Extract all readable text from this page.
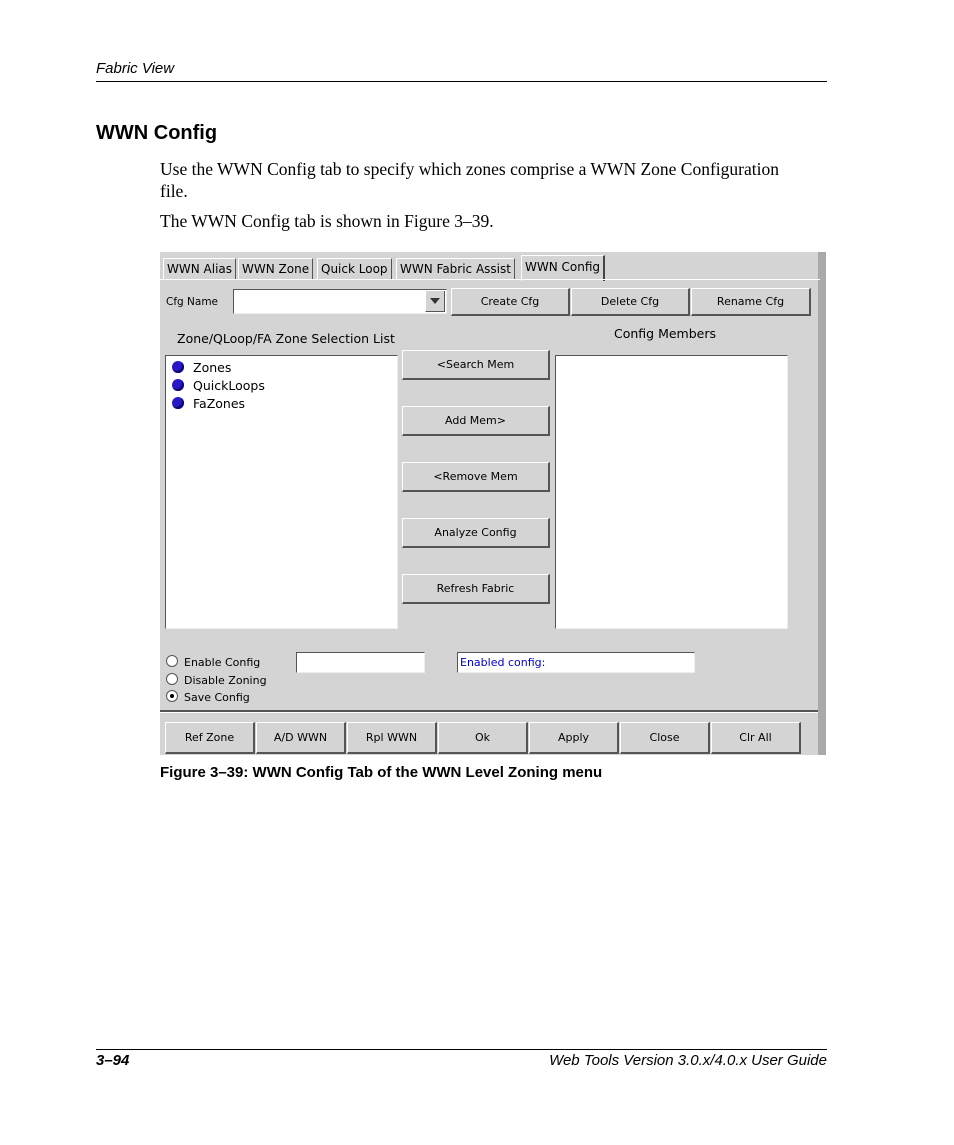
Fabric View
WWN Config
Use the WWN Config tab to specify which zones comprise a WWN Zone Configuration file.
The WWN Config tab is shown in Figure 3–39.
WWN Alias WWN Zone Quick Loop	WWN Fabric Assist	WWN Config
Cfg Name	Create Cfg	Delete Cfg	Rename Cfg
Zone/QLoop/FA Zone Selection List
Zones
QuickLoops
FaZones
<Search Mem
Add Mem>
<Remove Mem
Analyze Config
Refresh Fabric
Config Members
Enable Config
Disable Zoning
Save Config
Enabled config:
Ref Zone	A/D WWN	Rpl WWN	Ok	Apply	Close	Clr All
Figure 3–39: WWN Config Tab of the WWN Level Zoning menu
3–94	Web Tools Version 3.0.x/4.0.x User Guide
